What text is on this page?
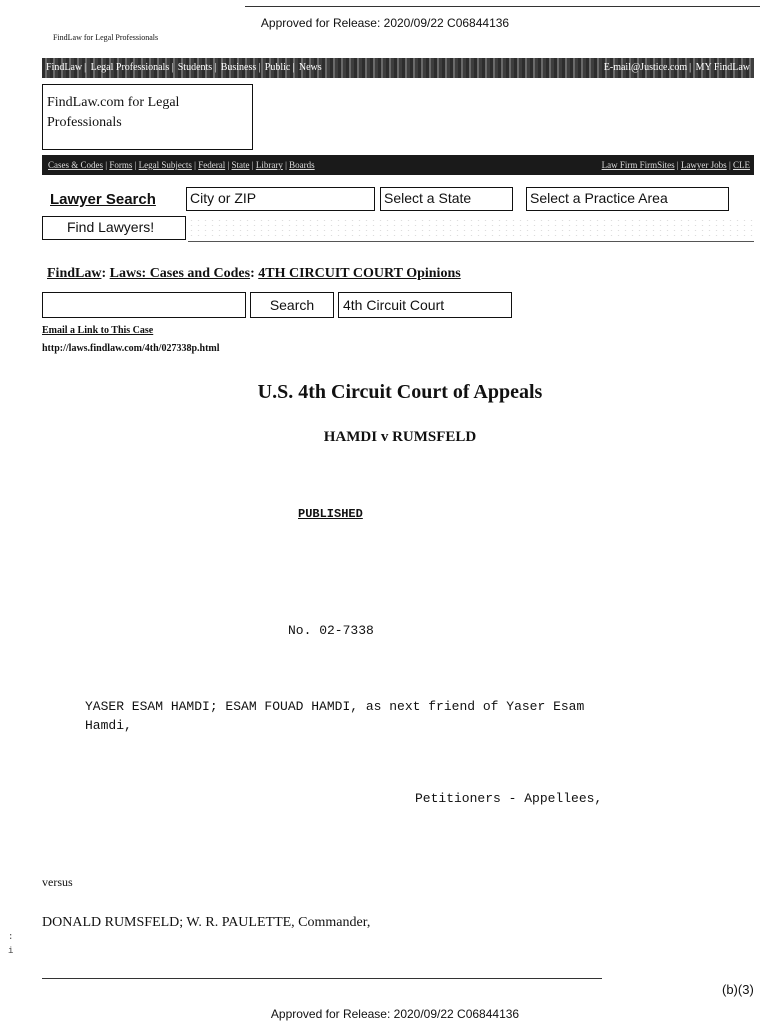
Approved for Release: 2020/09/22 C06844136
FindLaw for Legal Professionals
FindLaw | Legal Professionals | Students | Business | Public | News	E-mail@Justice.com | MY FindLaw
FindLaw.com for Legal
Professionals
Cases & Codes | Forms | Legal Subjects | Federal | State | Library | Boards	Law Firm FirmSites | Lawyer Jobs | CLE
Lawyer Search City or ZIP	Select a State	Select a Practice Area
Find Lawyers!
FindLaw: Laws: Cases and Codes: 4TH CIRCUIT COURT Opinions
Search	4th Circuit Court
Email a Link to This Case
http://laws.findlaw.com/4th/027338p.html
U.S. 4th Circuit Court of Appeals
HAMDI v RUMSFELD
PUBLISHED
No. 02-7338
YASER ESAM HAMDI; ESAM FOUAD HAMDI, as next friend of Yaser Esam
Hamdi,
Petitioners - Appellees,
versus
DONALD RUMSFELD; W. R. PAULETTE, Commander,
:
i
(b)(3)
Approved for Release: 2020/09/22 C06844136
